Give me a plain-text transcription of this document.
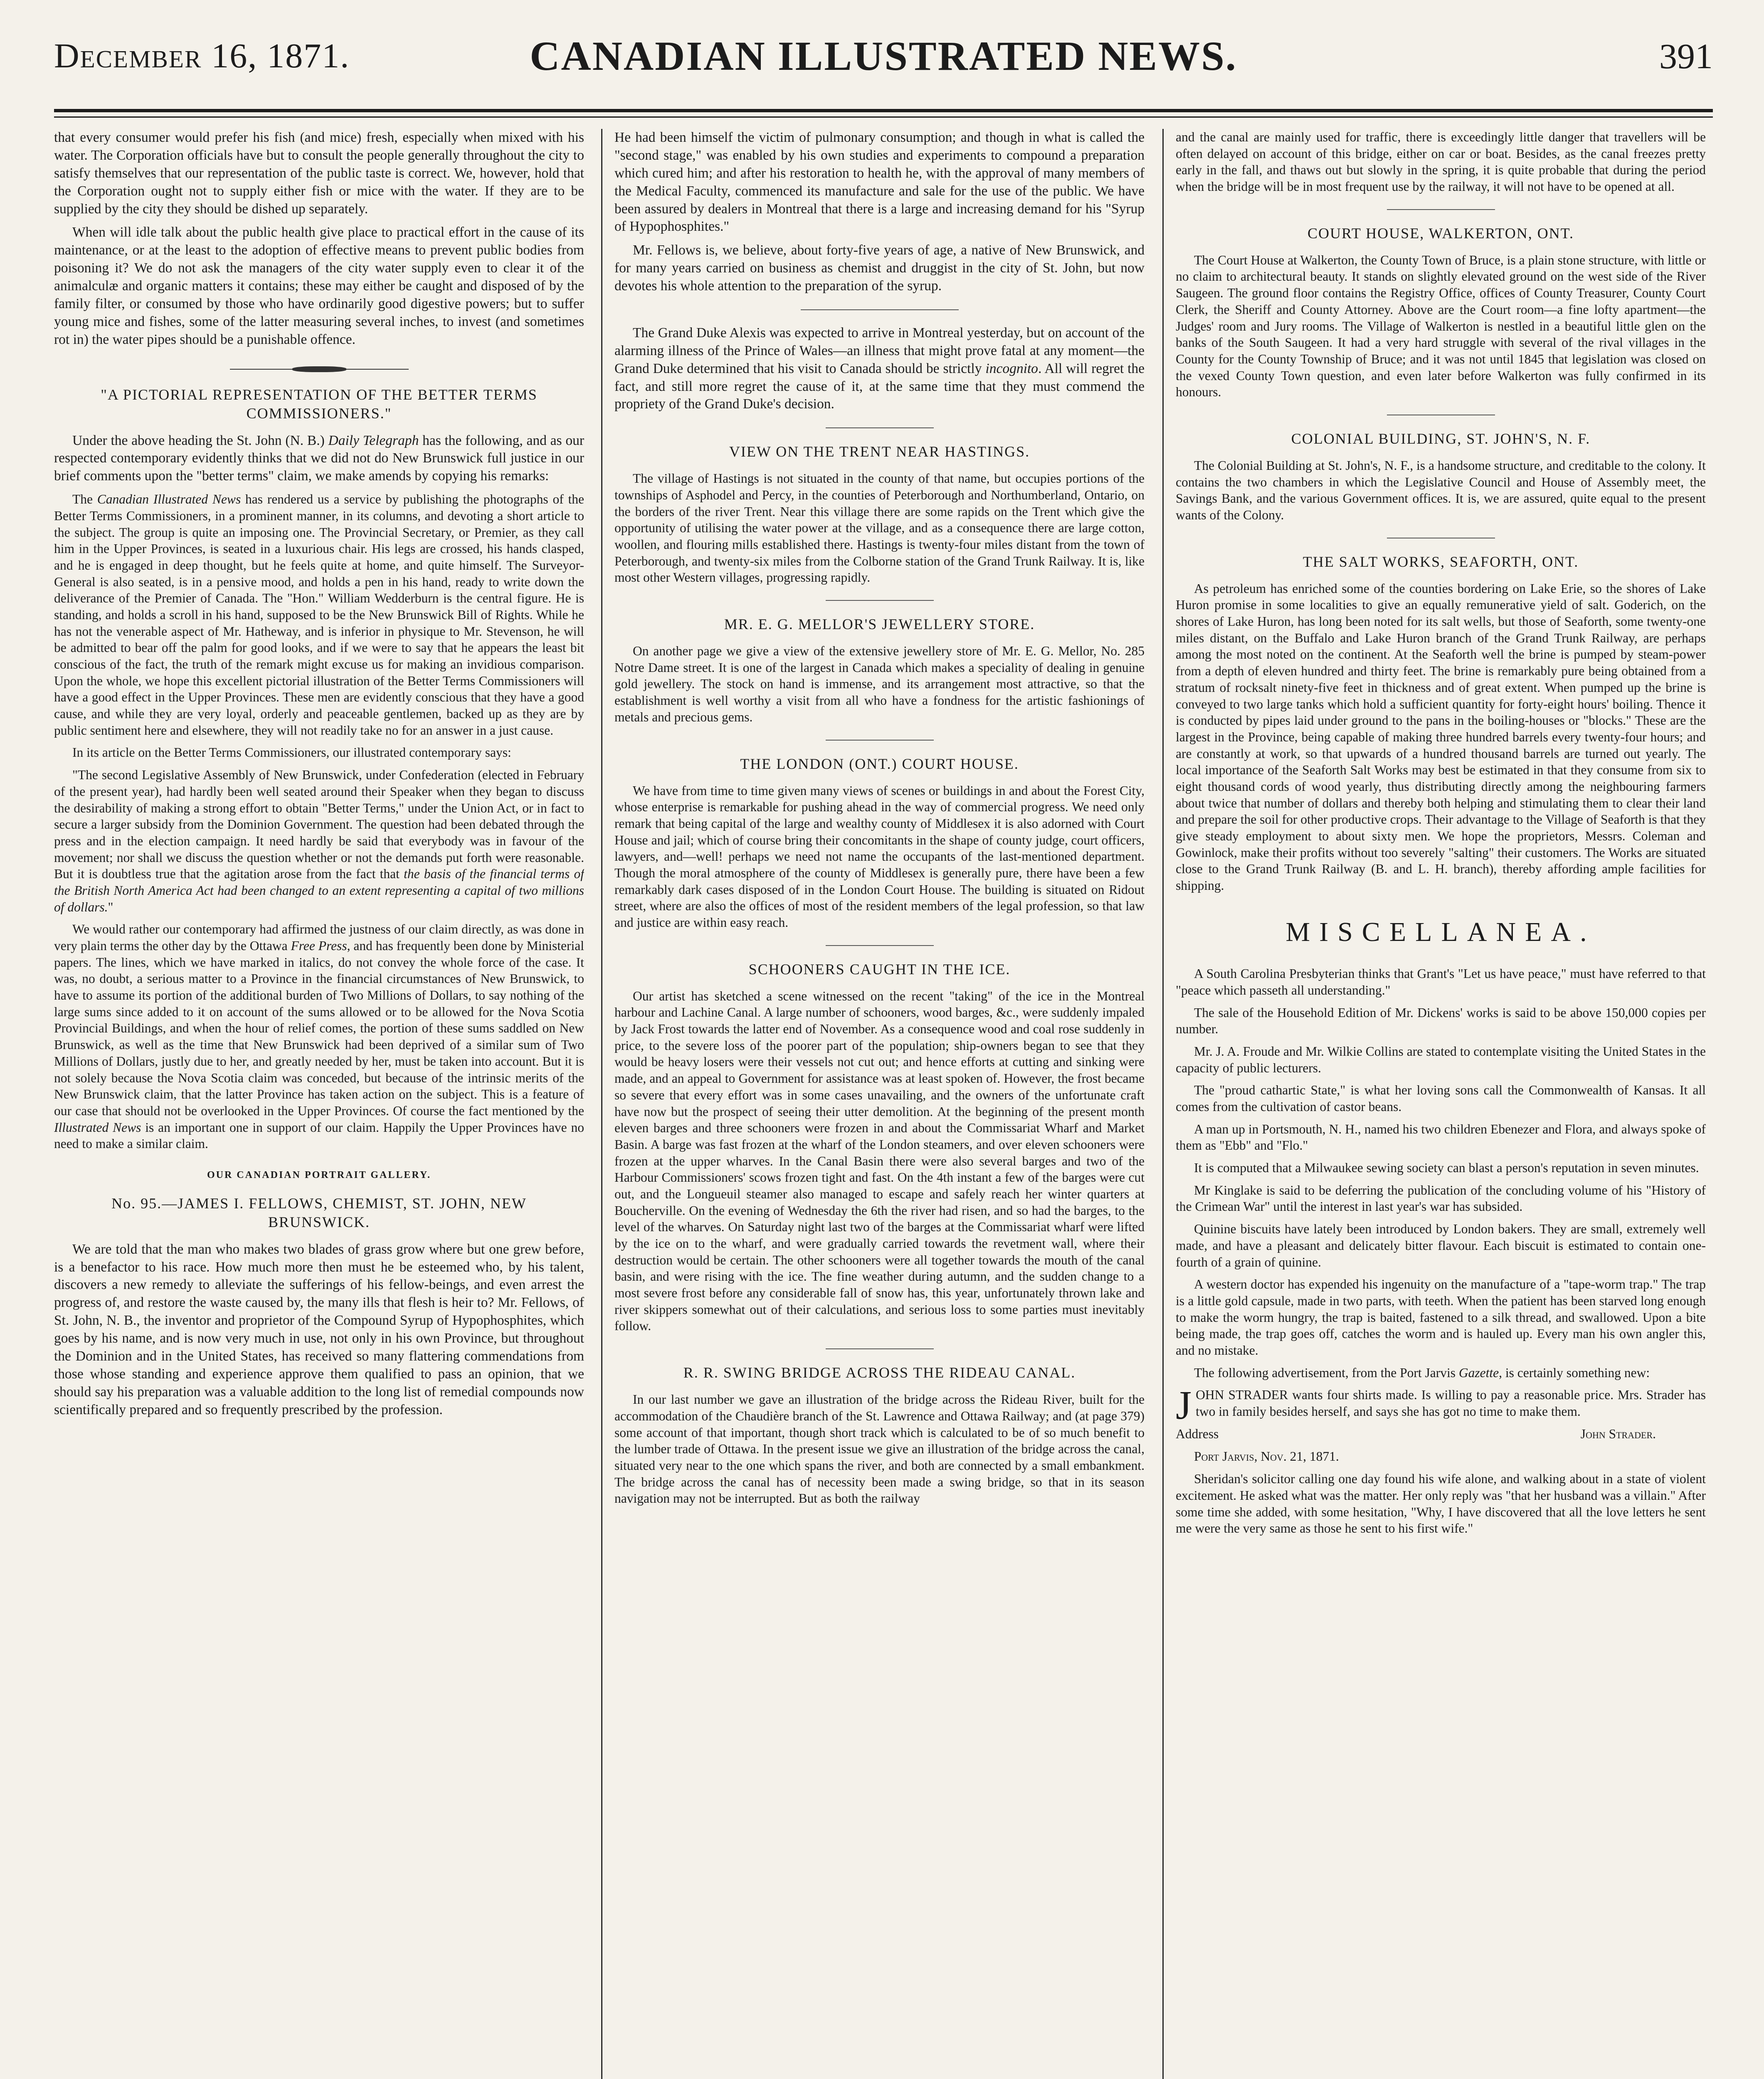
December 16, 1871.	CANADIAN ILLUSTRATED NEWS.	391

that every consumer would prefer his fish (and mice) fresh, especially when mixed with his water. The Corporation officials have but to consult the people generally throughout the city to satisfy themselves that our representation of the public taste is correct. We, however, hold that the Corporation ought not to supply either fish or mice with the water. If they are to be supplied by the city they should be dished up separately.

When will idle talk about the public health give place to practical effort in the cause of its maintenance, or at the least to the adoption of effective means to prevent public bodies from poisoning it? We do not ask the managers of the city water supply even to clear it of the animalculæ and organic matters it contains; these may either be caught and disposed of by the family filter, or consumed by those who have ordinarily good digestive powers; but to suffer young mice and fishes, some of the latter measuring several inches, to invest (and sometimes rot in) the water pipes should be a punishable offence.

"A PICTORIAL REPRESENTATION OF THE BETTER TERMS COMMISSIONERS."

Under the above heading the St. John (N. B.) Daily Telegraph has the following, and as our respected contemporary evidently thinks that we did not do New Brunswick full justice in our brief comments upon the "better terms" claim, we make amends by copying his remarks:

The Canadian Illustrated News has rendered us a service by publishing the photographs of the Better Terms Commissioners, in a prominent manner, in its columns, and devoting a short article to the subject. The group is quite an imposing one. The Provincial Secretary, or Premier, as they call him in the Upper Provinces, is seated in a luxurious chair. His legs are crossed, his hands clasped, and he is engaged in deep thought, but he feels quite at home, and quite himself. The Surveyor-General is also seated, is in a pensive mood, and holds a pen in his hand, ready to write down the deliverance of the Premier of Canada. The "Hon." William Wedderburn is the central figure. He is standing, and holds a scroll in his hand, supposed to be the New Brunswick Bill of Rights. While he has not the venerable aspect of Mr. Hatheway, and is inferior in physique to Mr. Stevenson, he will be admitted to bear off the palm for good looks, and if we were to say that he appears the least bit conscious of the fact, the truth of the remark might excuse us for making an invidious comparison. Upon the whole, we hope this excellent pictorial illustration of the Better Terms Commissioners will have a good effect in the Upper Provinces. These men are evidently conscious that they have a good cause, and while they are very loyal, orderly and peaceable gentlemen, backed up as they are by public sentiment here and elsewhere, they will not readily take no for an answer in a just cause.

In its article on the Better Terms Commissioners, our illustrated contemporary says:

"The second Legislative Assembly of New Brunswick, under Confederation (elected in February of the present year), had hardly been well seated around their Speaker when they began to discuss the desirability of making a strong effort to obtain "Better Terms," under the Union Act, or in fact to secure a larger subsidy from the Dominion Government. The question had been debated through the press and in the election campaign. It need hardly be said that everybody was in favour of the movement; nor shall we discuss the question whether or not the demands put forth were reasonable. But it is doubtless true that the agitation arose from the fact that the basis of the financial terms of the British North America Act had been changed to an extent representing a capital of two millions of dollars."

We would rather our contemporary had affirmed the justness of our claim directly, as was done in very plain terms the other day by the Ottawa Free Press, and has frequently been done by Ministerial papers. The lines, which we have marked in italics, do not convey the whole force of the case. It was, no doubt, a serious matter to a Province in the financial circumstances of New Brunswick, to have to assume its portion of the additional burden of Two Millions of Dollars, to say nothing of the large sums since added to it on account of the sums allowed or to be allowed for the Nova Scotia Provincial Buildings, and when the hour of relief comes, the portion of these sums saddled on New Brunswick, as well as the time that New Brunswick had been deprived of a similar sum of Two Millions of Dollars, justly due to her, and greatly needed by her, must be taken into account. But it is not solely because the Nova Scotia claim was conceded, but because of the intrinsic merits of the New Brunswick claim, that the latter Province has taken action on the subject. This is a feature of our case that should not be overlooked in the Upper Provinces. Of course the fact mentioned by the Illustrated News is an important one in support of our claim. Happily the Upper Provinces have no need to make a similar claim.

OUR CANADIAN PORTRAIT GALLERY.
No. 95.—JAMES I. FELLOWS, CHEMIST, ST. JOHN, NEW BRUNSWICK.

We are told that the man who makes two blades of grass grow where but one grew before, is a benefactor to his race. How much more then must he be esteemed who, by his talent, discovers a new remedy to alleviate the sufferings of his fellow-beings, and even arrest the progress of, and restore the waste caused by, the many ills that flesh is heir to? Mr. Fellows, of St. John, N. B., the inventor and proprietor of the Compound Syrup of Hypophosphites, which goes by his name, and is now very much in use, not only in his own Province, but throughout the Dominion and in the United States, has received so many flattering commendations from those whose standing and experience approve them qualified to pass an opinion, that we should say his preparation was a valuable addition to the long list of remedial compounds now scientifically prepared and so frequently prescribed by the profession.

He had been himself the victim of pulmonary consumption; and though in what is called the "second stage," was enabled by his own studies and experiments to compound a preparation which cured him; and after his restoration to health he, with the approval of many members of the Medical Faculty, commenced its manufacture and sale for the use of the public. We have been assured by dealers in Montreal that there is a large and increasing demand for his "Syrup of Hypophosphites."

Mr. Fellows is, we believe, about forty-five years of age, a native of New Brunswick, and for many years carried on business as chemist and druggist in the city of St. John, but now devotes his whole attention to the preparation of the syrup.

The Grand Duke Alexis was expected to arrive in Montreal yesterday, but on account of the alarming illness of the Prince of Wales—an illness that might prove fatal at any moment—the Grand Duke determined that his visit to Canada should be strictly incognito. All will regret the fact, and still more regret the cause of it, at the same time that they must commend the propriety of the Grand Duke's decision.

VIEW ON THE TRENT NEAR HASTINGS.

The village of Hastings is not situated in the county of that name, but occupies portions of the townships of Asphodel and Percy, in the counties of Peterborough and Northumberland, Ontario, on the borders of the river Trent. Near this village there are some rapids on the Trent which give the opportunity of utilising the water power at the village, and as a consequence there are large cotton, woollen, and flouring mills established there. Hastings is twenty-four miles distant from the town of Peterborough, and twenty-six miles from the Colborne station of the Grand Trunk Railway. It is, like most other Western villages, progressing rapidly.

MR. E. G. MELLOR'S JEWELLERY STORE.

On another page we give a view of the extensive jewellery store of Mr. E. G. Mellor, No. 285 Notre Dame street. It is one of the largest in Canada which makes a speciality of dealing in genuine gold jewellery. The stock on hand is immense, and its arrangement most attractive, so that the establishment is well worthy a visit from all who have a fondness for the artistic fashionings of metals and precious gems.

THE LONDON (ONT.) COURT HOUSE.

We have from time to time given many views of scenes or buildings in and about the Forest City, whose enterprise is remarkable for pushing ahead in the way of commercial progress. We need only remark that being capital of the large and wealthy county of Middlesex it is also adorned with Court House and jail; which of course bring their concomitants in the shape of county judge, court officers, lawyers, and—well! perhaps we need not name the occupants of the last-mentioned department. Though the moral atmosphere of the county of Middlesex is generally pure, there have been a few remarkably dark cases disposed of in the London Court House. The building is situated on Ridout street, where are also the offices of most of the resident members of the legal profession, so that law and justice are within easy reach.

SCHOONERS CAUGHT IN THE ICE.

Our artist has sketched a scene witnessed on the recent "taking" of the ice in the Montreal harbour and Lachine Canal. A large number of schooners, wood barges, &c., were suddenly impaled by Jack Frost towards the latter end of November. As a consequence wood and coal rose suddenly in price, to the severe loss of the poorer part of the population; ship-owners began to see that they would be heavy losers were their vessels not cut out; and hence efforts at cutting and sinking were made, and an appeal to Government for assistance was at least spoken of. However, the frost became so severe that every effort was in some cases unavailing, and the owners of the unfortunate craft have now but the prospect of seeing their utter demolition. At the beginning of the present month eleven barges and three schooners were frozen in and about the Commissariat Wharf and Market Basin. A barge was fast frozen at the wharf of the London steamers, and over eleven schooners were frozen at the upper wharves. In the Canal Basin there were also several barges and two of the Harbour Commissioners' scows frozen tight and fast. On the 4th instant a few of the barges were cut out, and the Longueuil steamer also managed to escape and safely reach her winter quarters at Boucherville. On the evening of Wednesday the 6th the river had risen, and so had the barges, to the level of the wharves. On Saturday night last two of the barges at the Commissariat wharf were lifted by the ice on to the wharf, and were gradually carried towards the revetment wall, where their destruction would be certain. The other schooners were all together towards the mouth of the canal basin, and were rising with the ice. The fine weather during autumn, and the sudden change to a most severe frost before any considerable fall of snow has, this year, unfortunately thrown lake and river skippers somewhat out of their calculations, and serious loss to some parties must inevitably follow.

R. R. SWING BRIDGE ACROSS THE RIDEAU CANAL.

In our last number we gave an illustration of the bridge across the Rideau River, built for the accommodation of the Chaudière branch of the St. Lawrence and Ottawa Railway; and (at page 379) some account of that important, though short track which is calculated to be of so much benefit to the lumber trade of Ottawa. In the present issue we give an illustration of the bridge across the canal, situated very near to the one which spans the river, and both are connected by a small embankment. The bridge across the canal has of necessity been made a swing bridge, so that in its season navigation may not be interrupted. But as both the railway

and the canal are mainly used for traffic, there is exceedingly little danger that travellers will be often delayed on account of this bridge, either on car or boat. Besides, as the canal freezes pretty early in the fall, and thaws out but slowly in the spring, it is quite probable that during the period when the bridge will be in most frequent use by the railway, it will not have to be opened at all.

COURT HOUSE, WALKERTON, ONT.

The Court House at Walkerton, the County Town of Bruce, is a plain stone structure, with little or no claim to architectural beauty. It stands on slightly elevated ground on the west side of the River Saugeen. The ground floor contains the Registry Office, offices of County Treasurer, County Court Clerk, the Sheriff and County Attorney. Above are the Court room—a fine lofty apartment—the Judges' room and Jury rooms. The Village of Walkerton is nestled in a beautiful little glen on the banks of the South Saugeen. It had a very hard struggle with several of the rival villages in the County for the County Township of Bruce; and it was not until 1845 that legislation was closed on the vexed County Town question, and even later before Walkerton was fully confirmed in its honours.

COLONIAL BUILDING, ST. JOHN'S, N. F.

The Colonial Building at St. John's, N. F., is a handsome structure, and creditable to the colony. It contains the two chambers in which the Legislative Council and House of Assembly meet, the Savings Bank, and the various Government offices. It is, we are assured, quite equal to the present wants of the Colony.

THE SALT WORKS, SEAFORTH, ONT.

As petroleum has enriched some of the counties bordering on Lake Erie, so the shores of Lake Huron promise in some localities to give an equally remunerative yield of salt. Goderich, on the shores of Lake Huron, has long been noted for its salt wells, but those of Seaforth, some twenty-one miles distant, on the Buffalo and Lake Huron branch of the Grand Trunk Railway, are perhaps among the most noted on the continent. At the Seaforth well the brine is pumped by steam-power from a depth of eleven hundred and thirty feet. The brine is remarkably pure being obtained from a stratum of rocksalt ninety-five feet in thickness and of great extent. When pumped up the brine is conveyed to two large tanks which hold a sufficient quantity for forty-eight hours' boiling. Thence it is conducted by pipes laid under ground to the pans in the boiling-houses or "blocks." These are the largest in the Province, being capable of making three hundred barrels every twenty-four hours; and are constantly at work, so that upwards of a hundred thousand barrels are turned out yearly. The local importance of the Seaforth Salt Works may best be estimated in that they consume from six to eight thousand cords of wood yearly, thus distributing directly among the neighbouring farmers about twice that number of dollars and thereby both helping and stimulating them to clear their land and prepare the soil for other productive crops. Their advantage to the Village of Seaforth is that they give steady employment to about sixty men. We hope the proprietors, Messrs. Coleman and Gowinlock, make their profits without too severely "salting" their customers. The Works are situated close to the Grand Trunk Railway (B. and L. H. branch), thereby affording ample facilities for shipping.

MISCELLANEA.

A South Carolina Presbyterian thinks that Grant's "Let us have peace," must have referred to that "peace which passeth all understanding."

The sale of the Household Edition of Mr. Dickens' works is said to be above 150,000 copies per number.

Mr. J. A. Froude and Mr. Wilkie Collins are stated to contemplate visiting the United States in the capacity of public lecturers.

The "proud cathartic State," is what her loving sons call the Commonwealth of Kansas. It all comes from the cultivation of castor beans.

A man up in Portsmouth, N. H., named his two children Ebenezer and Flora, and always spoke of them as "Ebb" and "Flo."

It is computed that a Milwaukee sewing society can blast a person's reputation in seven minutes.

Mr Kinglake is said to be deferring the publication of the concluding volume of his "History of the Crimean War" until the interest in last year's war has subsided.

Quinine biscuits have lately been introduced by London bakers. They are small, extremely well made, and have a pleasant and delicately bitter flavour. Each biscuit is estimated to contain one-fourth of a grain of quinine.

A western doctor has expended his ingenuity on the manufacture of a "tape-worm trap." The trap is a little gold capsule, made in two parts, with teeth. When the patient has been starved long enough to make the worm hungry, the trap is baited, fastened to a silk thread, and swallowed. Upon a bite being made, the trap goes off, catches the worm and is hauled up. Every man his own angler this, and no mistake.

The following advertisement, from the Port Jarvis Gazette, is certainly something new:

JOHN STRADER wants four shirts made. Is willing to pay a reasonable price. Mrs. Strader has two in family besides herself, and says she has got no time to make them.

Address	John Strader.

Port Jarvis, Nov. 21, 1871.

Sheridan's solicitor calling one day found his wife alone, and walking about in a state of violent excitement. He asked what was the matter. Her only reply was "that her husband was a villain." After some time she added, with some hesitation, "Why, I have discovered that all the love letters he sent me were the very same as those he sent to his first wife."
